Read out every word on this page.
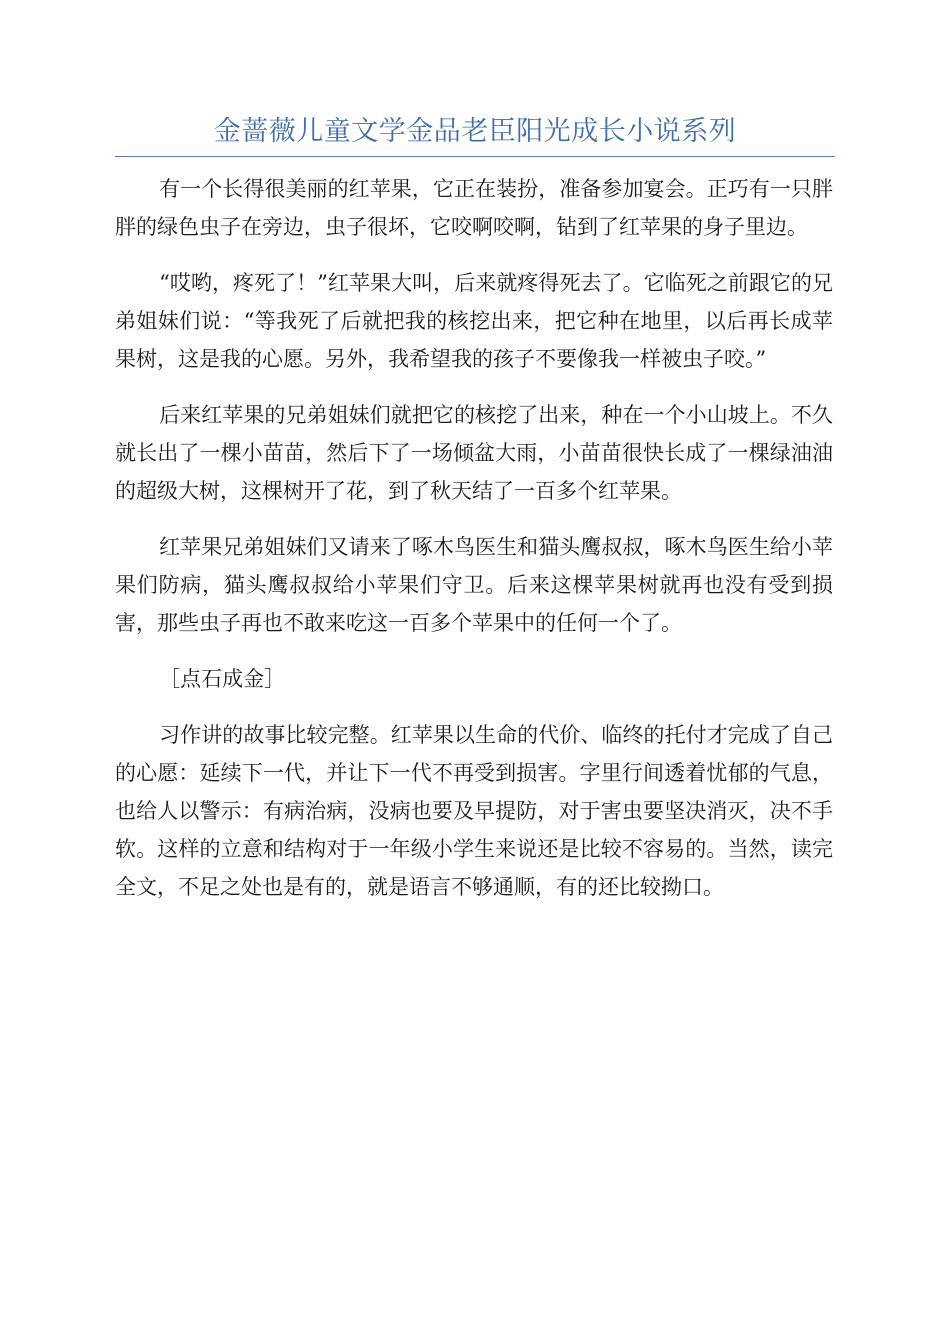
金蔷薇儿童文学金品老臣阳光成长小说系列

有一个长得很美丽的红苹果，它正在装扮，准备参加宴会。正巧有一只胖胖的绿色虫子在旁边，虫子很坏，它咬啊咬啊，钻到了红苹果的身子里边。

“哎哟，疼死了！”红苹果大叫，后来就疼得死去了。它临死之前跟它的兄弟姐妹们说：“等我死了后就把我的核挖出来，把它种在地里，以后再长成苹果树，这是我的心愿。另外，我希望我的孩子不要像我一样被虫子咬。”

后来红苹果的兄弟姐妹们就把它的核挖了出来，种在一个小山坡上。不久就长出了一棵小苗苗，然后下了一场倾盆大雨，小苗苗很快长成了一棵绿油油的超级大树，这棵树开了花，到了秋天结了一百多个红苹果。

红苹果兄弟姐妹们又请来了啄木鸟医生和猫头鹰叔叔，啄木鸟医生给小苹果们防病，猫头鹰叔叔给小苹果们守卫。后来这棵苹果树就再也没有受到损害，那些虫子再也不敢来吃这一百多个苹果中的任何一个了。

［点石成金］

习作讲的故事比较完整。红苹果以生命的代价、临终的托付才完成了自己的心愿：延续下一代，并让下一代不再受到损害。字里行间透着忧郁的气息，也给人以警示：有病治病，没病也要及早提防，对于害虫要坚决消灭，决不手软。这样的立意和结构对于一年级小学生来说还是比较不容易的。当然，读完全文，不足之处也是有的，就是语言不够通顺，有的还比较拗口。
